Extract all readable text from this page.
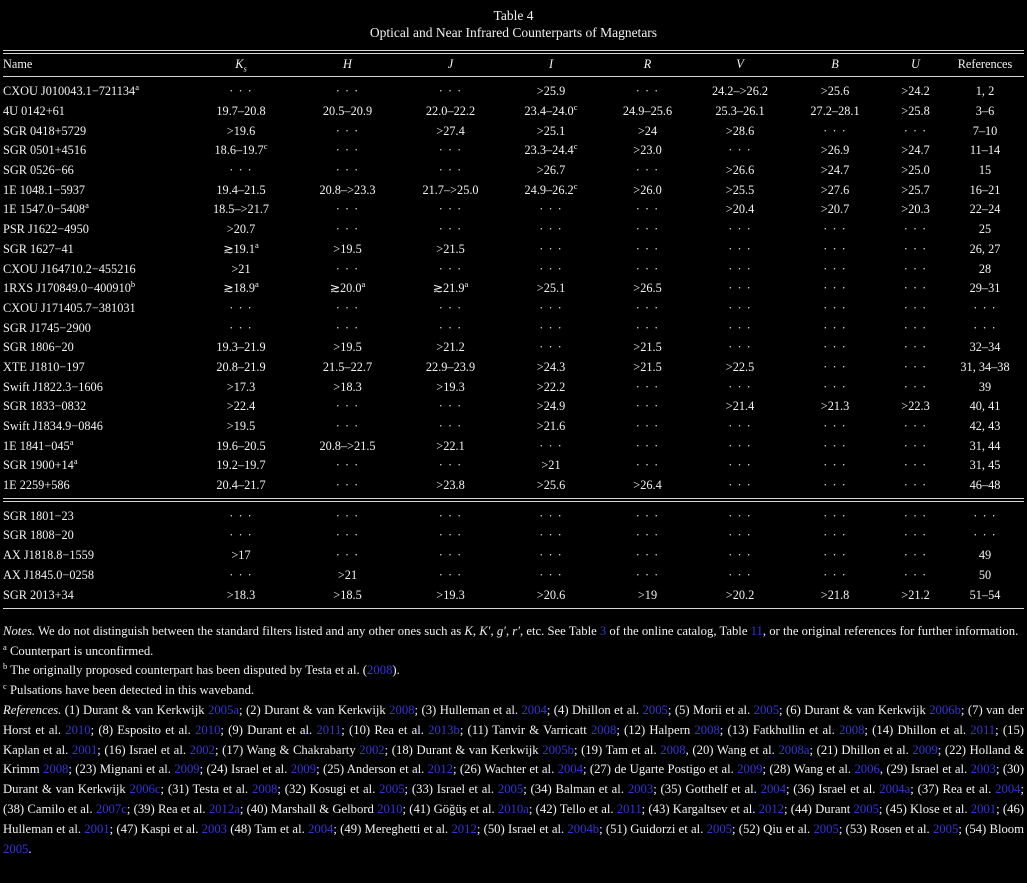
Table 4
Optical and Near Infrared Counterparts of Magnetars
Name	$K_s$	H	J	I	R	V	B	U	References
CXOU $J010043.1-721134^a$	· · ·	· · ·	· · ·	>25.9	· · ·	24.2–>26.2	>25.6	>24.2	1, 2
4U 0142+61	19.7–20.8	20.5–20.9	22.0–22.2	23.4–24.0$^c$	24.9–25.6	25.3–26.1	27.2–28.1	>25.8	3–6
SGR 0418+5729	>19.6	· · ·	>27.4	>25.1	>24	>28.6	· · ·	· · ·	7–10
SGR 0501+4516	18.6–19.7$^c$	· · ·	· · ·	23.3–24.4$^c$	>23.0	· · ·	>26.9	>24.7	11–14
SGR 0526−66	· · ·	· · ·	· · ·	>26.7	· · ·	>26.6	>24.7	>25.0	15
1E 1048.1−5937	19.4–21.5	20.8–>23.3	21.7–>25.0	24.9–26.2$^c$	>26.0	>25.5	>27.6	>25.7	16–21
1E $1547.0-5408^a$	18.5–>21.7	· · ·	· · ·	· · ·	· · ·	>20.4	>20.7	>20.3	22–24
PSR J1622−4950	>20.7	· · ·	· · ·	· · ·	· · ·	· · ·	· · ·	· · ·	25
SGR 1627−41	≳19.1$^a$	>19.5	>21.5	· · ·	· · ·	· · ·	· · ·	· · ·	26, 27
CXOU J164710.2−455216	>21	· · ·	· · ·	· · ·	· · ·	· · ·	· · ·	· · ·	28
1RXS $J170849.0-400910^b$	≳18.9$^a$	≳20.0$^a$	≳21.9$^a$	>25.1	>26.5	· · ·	· · ·	· · ·	29–31
CXOU J171405.7−381031	· · ·	· · ·	· · ·	· · ·	· · ·	· · ·	· · ·	· · ·	· · ·
SGR J1745−2900	· · ·	· · ·	· · ·	· · ·	· · ·	· · ·	· · ·	· · ·	· · ·
SGR 1806−20	19.3–21.9	>19.5	>21.2	· · ·	>21.5	· · ·	· · ·	· · ·	32–34
XTE J1810−197	20.8–21.9	21.5–22.7	22.9–23.9	>24.3	>21.5	>22.5	· · ·	· · ·	31, 34–38
Swift J1822.3−1606	>17.3	>18.3	>19.3	>22.2	· · ·	· · ·	· · ·	· · ·	39
SGR 1833−0832	>22.4	· · ·	· · ·	>24.9	· · ·	>21.4	>21.3	>22.3	40, 41
Swift J1834.9−0846	>19.5	· · ·	· · ·	>21.6	· · ·	· · ·	· · ·	· · ·	42, 43
1E $1841-045^a$	19.6–20.5	20.8–>21.5	>22.1	· · ·	· · ·	· · ·	· · ·	· · ·	31, 44
SGR $1900+14^a$	19.2–19.7	· · ·	· · ·	>21	· · ·	· · ·	· · ·	· · ·	31, 45
1E 2259+586	20.4–21.7	· · ·	>23.8	>25.6	>26.4	· · ·	· · ·	· · ·	46–48
SGR 1801−23	· · ·	· · ·	· · ·	· · ·	· · ·	· · ·	· · ·	· · ·	· · ·
SGR 1808−20	· · ·	· · ·	· · ·	· · ·	· · ·	· · ·	· · ·	· · ·	· · ·
AX J1818.8−1559	>17	· · ·	· · ·	· · ·	· · ·	· · ·	· · ·	· · ·	49
AX J1845.0−0258	· · ·	>21	· · ·	· · ·	· · ·	· · ·	· · ·	· · ·	50
SGR 2013+34	>18.3	>18.5	>19.3	>20.6	>19	>20.2	>21.8	>21.2	51–54

Notes. We do not distinguish between the standard filters listed and any other ones such as K, K′, g′, r′, etc. See Table 3 of the online catalog, Table 11, or the original references for further information.

$^a$ Counterpart is unconfirmed.

$^b$ The originally proposed counterpart has been disputed by Testa et al. (2008).

$^c$ Pulsations have been detected in this waveband.

References. (1) Durant & van Kerkwijk 2005a; (2) Durant & van Kerkwijk 2008; (3) Hulleman et al. 2004; (4) Dhillon et al. 2005; (5) Morii et al. 2005; (6) Durant & van Kerkwijk 2006b; (7) van der Horst et al. 2010; (8) Esposito et al. 2010; (9) Durant et al. 2011; (10) Rea et al. 2013b; (11) Tanvir & Varricatt 2008; (12) Halpern 2008; (13) Fatkhullin et al. 2008; (14) Dhillon et al. 2011; (15) Kaplan et al. 2001; (16) Israel et al. 2002; (17) Wang & Chakrabarty 2002; (18) Durant & van Kerkwijk 2005b; (19) Tam et al. 2008, (20) Wang et al. 2008a; (21) Dhillon et al. 2009; (22) Holland & Krimm 2008; (23) Mignani et al. 2009; (24) Israel et al. 2009; (25) Anderson et al. 2012; (26) Wachter et al. 2004; (27) de Ugarte Postigo et al. 2009; (28) Wang et al. 2006, (29) Israel et al. 2003; (30) Durant & van Kerkwijk 2006c; (31) Testa et al. 2008; (32) Kosugi et al. 2005; (33) Israel et al. 2005; (34) Balman et al. 2003; (35) Gotthelf et al. 2004; (36) Israel et al. 2004a; (37) Rea et al. 2004; (38) Camilo et al. 2007c; (39) Rea et al. 2012a; (40) Marshall & Gelbord 2010; (41) Göğüş et al. 2010a; (42) Tello et al. 2011; (43) Kargaltsev et al. 2012; (44) Durant 2005; (45) Klose et al. 2001; (46) Hulleman et al. 2001; (47) Kaspi et al. 2003 (48) Tam et al. 2004; (49) Mereghetti et al. 2012; (50) Israel et al. 2004b; (51) Guidorzi et al. 2005; (52) Qiu et al. 2005; (53) Rosen et al. 2005; (54) Bloom 2005.
